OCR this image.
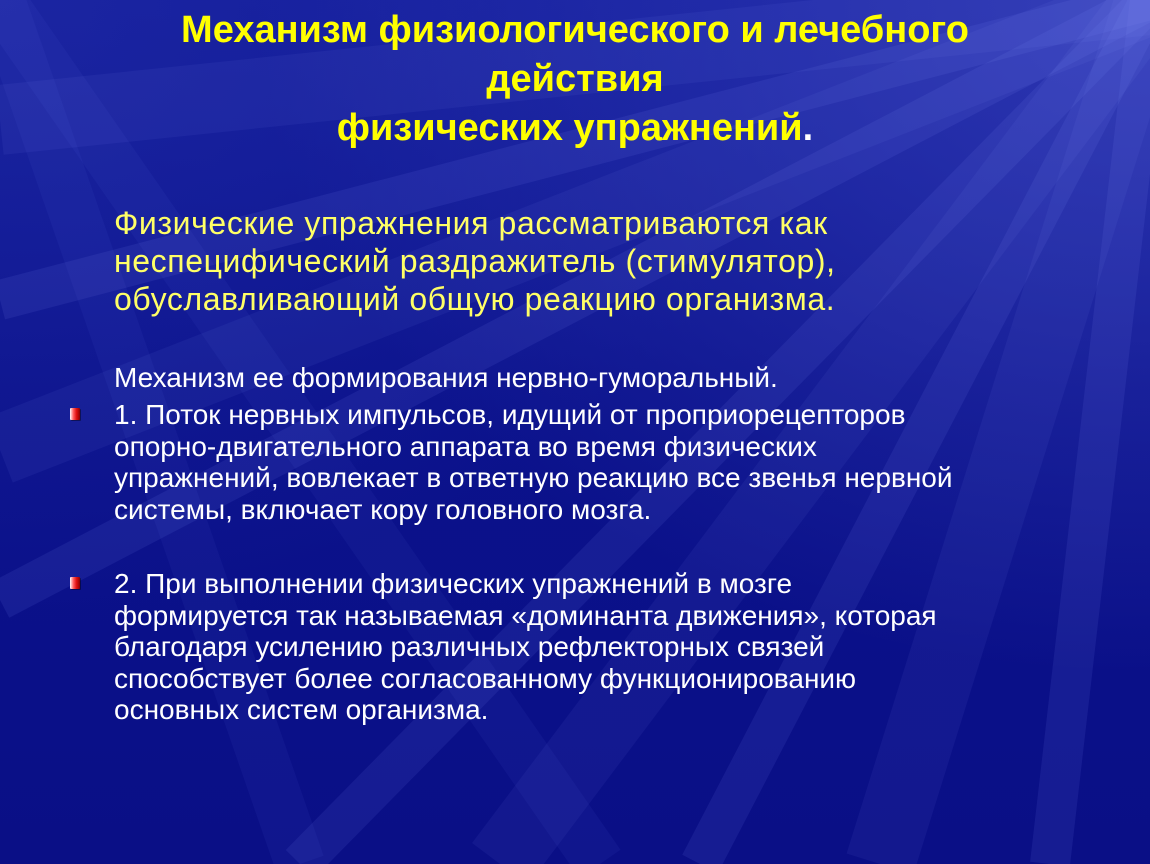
Механизм физиологического и лечебного
действия
физических упражнений.

Физические упражнения рассматриваются как
неспецифический раздражитель (стимулятор),
обуславливающий общую реакцию организма.

Механизм ее формирования нервно-гуморальный.

1. Поток нервных импульсов, идущий от проприорецепторов
опорно-двигательного аппарата во время физических
упражнений, вовлекает в ответную реакцию все звенья нервной
системы, включает кору головного мозга.

2. При выполнении физических упражнений в мозге
формируется так называемая «доминанта движения», которая
благодаря усилению различных рефлекторных связей
способствует более согласованному функционированию
основных систем организма.
